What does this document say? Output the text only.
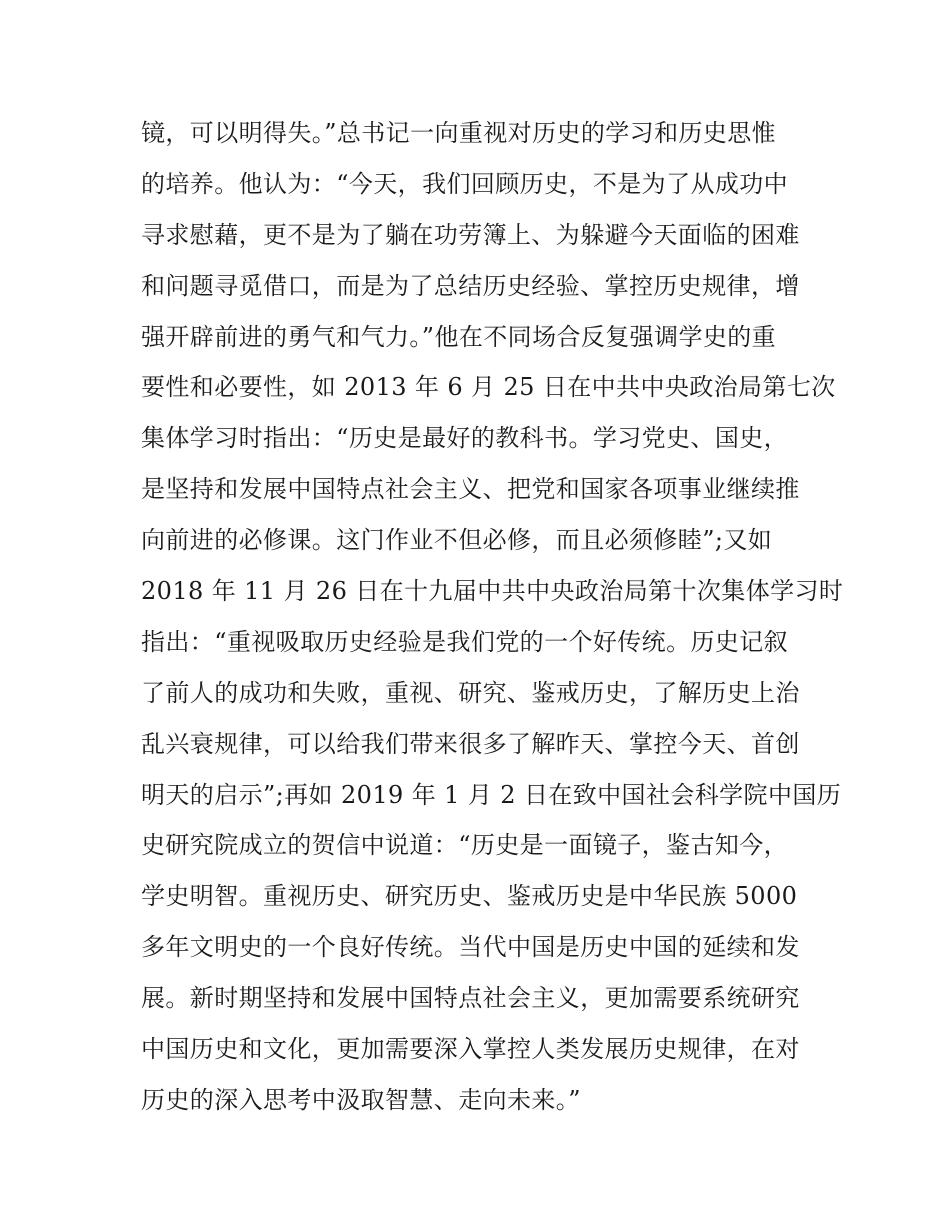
镜，可以明得失。”总书记一向重视对历史的学习和历史思惟
的培养。他认为：“今天，我们回顾历史，不是为了从成功中
寻求慰藉，更不是为了躺在功劳簿上、为躲避今天面临的困难
和问题寻觅借口，而是为了总结历史经验、掌控历史规律，增
强开辟前进的勇气和气力。”他在不同场合反复强调学史的重
要性和必要性，如 2013 年 6 月 25 日在中共中央政治局第七次
集体学习时指出：“历史是最好的教科书。学习党史、国史，
是坚持和发展中国特点社会主义、把党和国家各项事业继续推
向前进的必修课。这门作业不但必修，而且必须修睦”;又如
2018 年 11 月 26 日在十九届中共中央政治局第十次集体学习时
指出：“重视吸取历史经验是我们党的一个好传统。历史记叙
了前人的成功和失败，重视、研究、鉴戒历史，了解历史上治
乱兴衰规律，可以给我们带来很多了解昨天、掌控今天、首创
明天的启示”;再如 2019 年 1 月 2 日在致中国社会科学院中国历
史研究院成立的贺信中说道：“历史是一面镜子，鉴古知今，
学史明智。重视历史、研究历史、鉴戒历史是中华民族 5000
多年文明史的一个良好传统。当代中国是历史中国的延续和发
展。新时期坚持和发展中国特点社会主义，更加需要系统研究
中国历史和文化，更加需要深入掌控人类发展历史规律，在对
历史的深入思考中汲取智慧、走向未来。”
